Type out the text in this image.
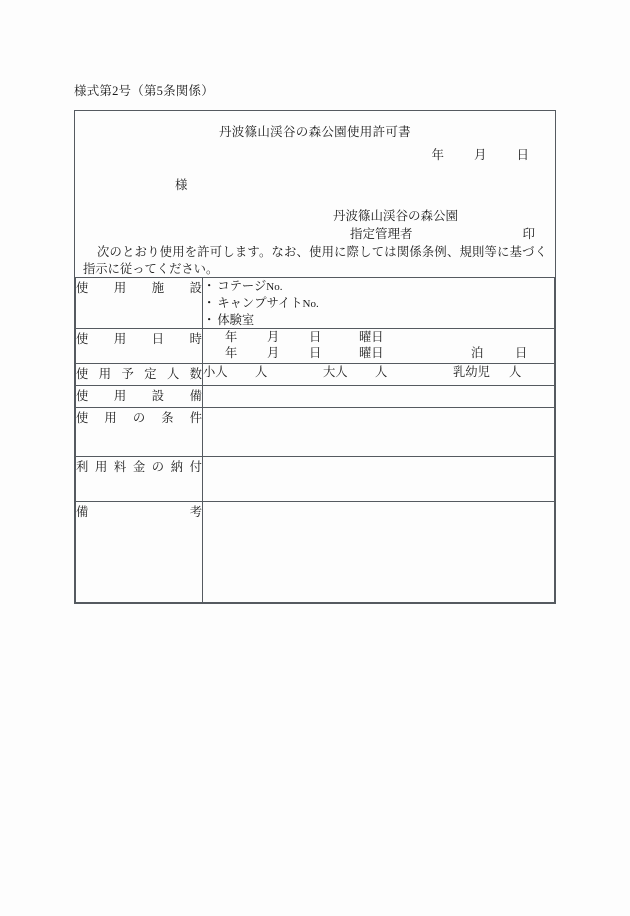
様式第2号（第5条関係）
丹波篠山渓谷の森公園使用許可書
年 月 日
様
丹波篠山渓谷の森公園
指定管理者	印
次のとおり使用を許可します。なお、使用に際しては関係条例、規則等に基づく指示に従ってください。
使 用 施 設	・ コテージNo.
・ キャンプサイトNo.
・ 体験室

使 用 日 時	年 月 日	曜日
年 月 日	曜日	泊	日

使 用 予 定 人 数	小人 人	大人 人	乳幼児 人

使 用 設 備	

使 用 の 条 件	

利 用 料 金 の 納 付

備 考	
